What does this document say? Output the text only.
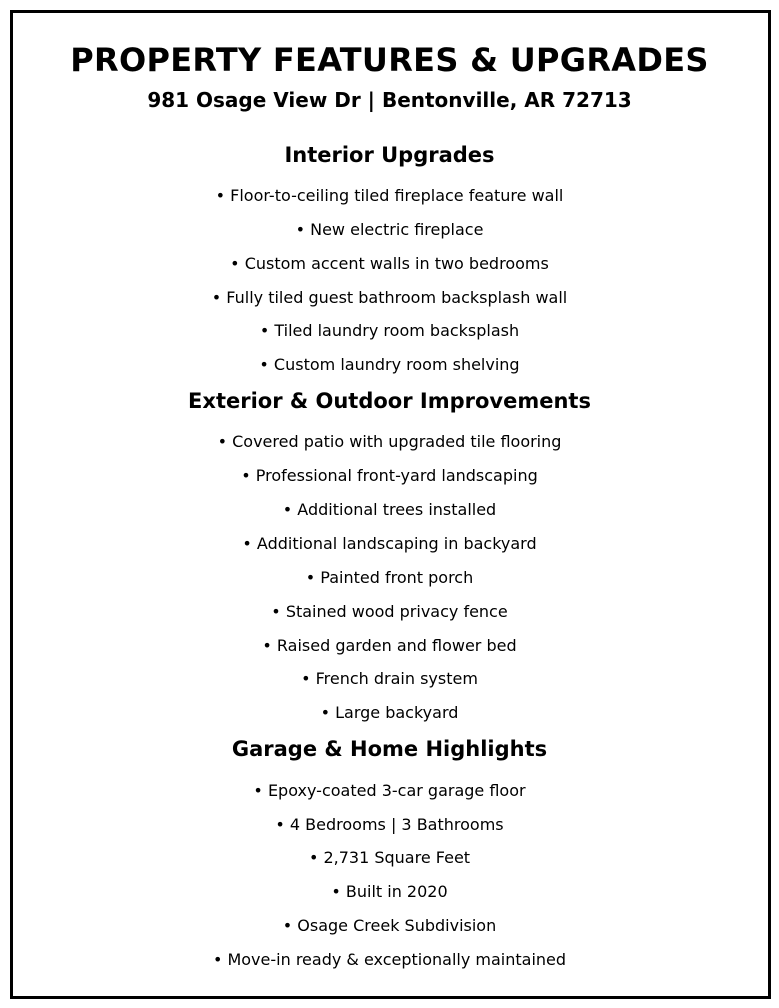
PROPERTY FEATURES & UPGRADES
981 Osage View Dr | Bentonville, AR 72713
Interior Upgrades
• Floor-to-ceiling tiled fireplace feature wall
• New electric fireplace
• Custom accent walls in two bedrooms
• Fully tiled guest bathroom backsplash wall
• Tiled laundry room backsplash
• Custom laundry room shelving
Exterior & Outdoor Improvements
• Covered patio with upgraded tile flooring
• Professional front-yard landscaping
• Additional trees installed
• Additional landscaping in backyard
• Painted front porch
• Stained wood privacy fence
• Raised garden and flower bed
• French drain system
• Large backyard
Garage & Home Highlights
• Epoxy-coated 3-car garage floor
• 4 Bedrooms | 3 Bathrooms
• 2,731 Square Feet
• Built in 2020
• Osage Creek Subdivision
• Move-in ready & exceptionally maintained
